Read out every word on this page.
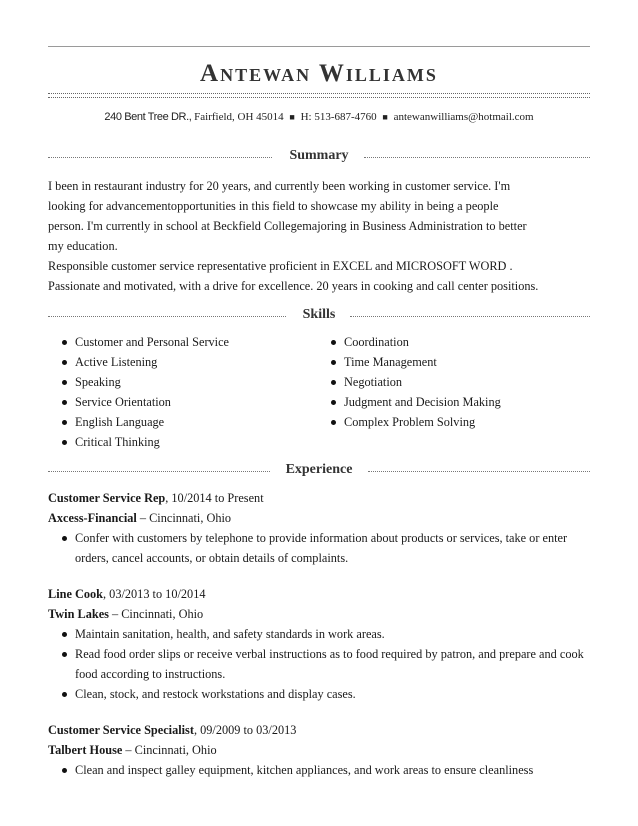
Antewan Williams
240 Bent Tree DR., Fairfield, OH 45014 ■ H: 513-687-4760 ■ antewanwilliams@hotmail.com
Summary

I been in restaurant industry for 20 years, and currently been working in customer service. I'm

looking for advancementopportunities in this field to showcase my ability in being a people

person. I'm currently in school at Beckfield Collegemajoring in Business Administration to better

my education.

Responsible customer service representative proficient in EXCEL and MICROSOFT WORD .

Passionate and motivated, with a drive for excellence. 20 years in cooking and call center positions.

Skills
Customer and Personal Service
Active Listening
Speaking
Service Orientation
English Language
Critical Thinking
Coordination
Time Management
Negotiation
Judgment and Decision Making
Complex Problem Solving
Experience
Customer Service Rep, 10/2014 to Present
Axcess-Financial – Cincinnati, Ohio
Confer with customers by telephone to provide information about products or services, take or enter orders, cancel accounts, or obtain details of complaints.
Line Cook, 03/2013 to 10/2014
Twin Lakes – Cincinnati, Ohio
Maintain sanitation, health, and safety standards in work areas.
Read food order slips or receive verbal instructions as to food required by patron, and prepare and cook food according to instructions.
Clean, stock, and restock workstations and display cases.
Customer Service Specialist, 09/2009 to 03/2013
Talbert House – Cincinnati, Ohio
Clean and inspect galley equipment, kitchen appliances, and work areas to ensure cleanliness
